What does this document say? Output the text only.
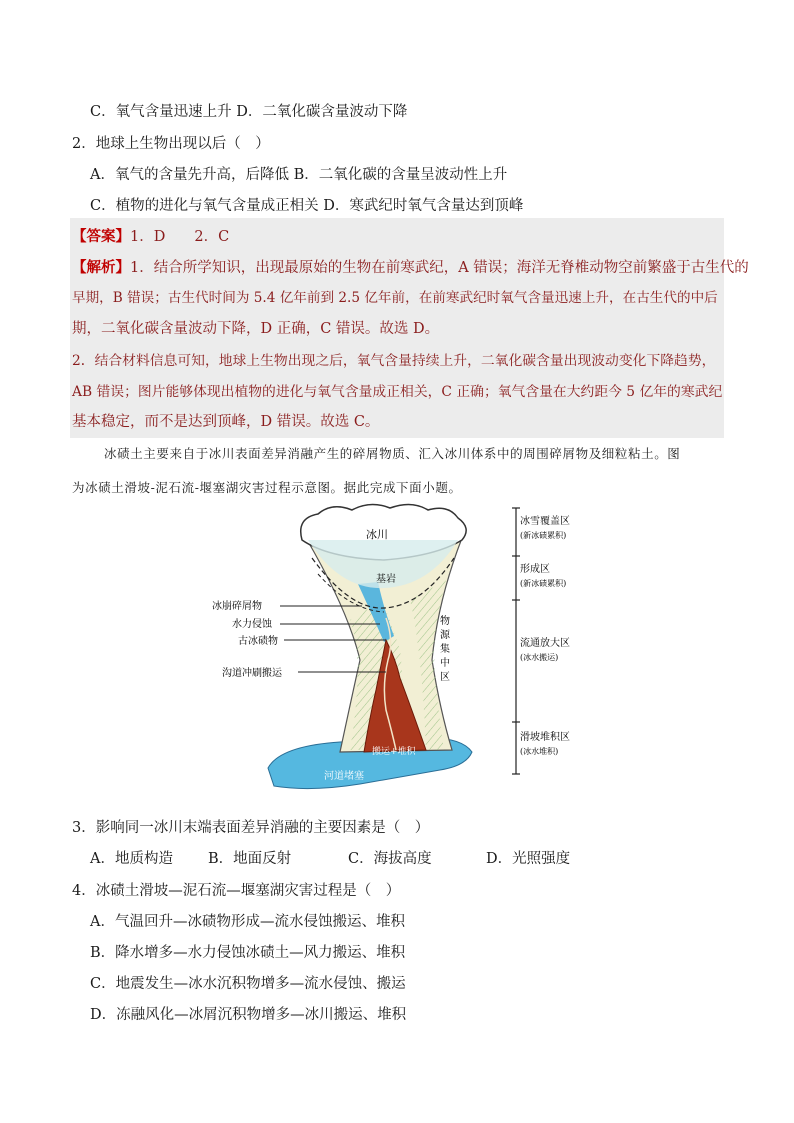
C．氧气含量迅速上升 D．二氧化碳含量波动下降
2．地球上生物出现以后（　）
A．氧气的含量先升高，后降低 B．二氧化碳的含量呈波动性上升
C．植物的进化与氧气含量成正相关 D．寒武纪时氧气含量达到顶峰
【答案】1．D　　2．C
【解析】1．结合所学知识，出现最原始的生物在前寒武纪，A 错误；海洋无脊椎动物空前繁盛于古生代的
早期，B 错误；古生代时间为 5.4 亿年前到 2.5 亿年前，在前寒武纪时氧气含量迅速上升，在古生代的中后
期，二氧化碳含量波动下降，D 正确，C 错误。故选 D。
2．结合材料信息可知，地球上生物出现之后，氧气含量持续上升，二氧化碳含量出现波动变化下降趋势，
AB 错误；图片能够体现出植物的进化与氧气含量成正相关，C 正确；氧气含量在大约距今 5 亿年的寒武纪
基本稳定，而不是达到顶峰，D 错误。故选 C。
冰碛土主要来自于冰川表面差异消融产生的碎屑物质、汇入冰川体系中的周围碎屑物及细粒粘土。图
为冰碛土滑坡-泥石流-堰塞湖灾害过程示意图。据此完成下面小题。
冰川
基岩
冰崩碎屑物
水力侵蚀
古冰碛物
沟道冲刷搬运
物
源
集
中
区
搬运+堆积
河道堵塞
冰雪覆盖区
(新冰碛累积)
形成区
(新冰碛累积)
流通放大区
(冰水搬运)
滑坡堆积区
(冰水堆积)
3．影响同一冰川末端表面差异消融的主要因素是（　）
A．地质构造 B．地面反射	C．海拔高度	D．光照强度
4．冰碛土滑坡—泥石流—堰塞湖灾害过程是（　）
A．气温回升—冰碛物形成—流水侵蚀搬运、堆积
B．降水增多—水力侵蚀冰碛土—风力搬运、堆积
C．地震发生—冰水沉积物增多—流水侵蚀、搬运
D．冻融风化—冰屑沉积物增多—冰川搬运、堆积
